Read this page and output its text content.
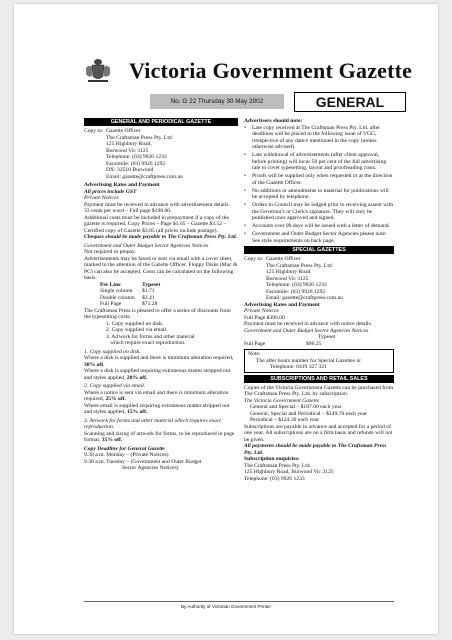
Victoria Government Gazette
No. G 22 Thursday 30 May 2002	GENERAL
GENERAL AND PERIODICAL GAZETTE
Copy to: Gazette Officer
The Craftsman Press Pty. Ltd.
125 Highbury Road,
Burwood Vic 3125
Telephone: (03) 9926 1233
Facsimile: (03) 9926 1292
DX: 32510 Burwood
Email: gazette@craftpress.com.au
Advertising Rates and Payment
All prices include GST
Private Notices
Payment must be received in advance with advertisement details.
33 cents per word – Full page $198.00.
Additional costs must be included in prepayment if a copy of the gazette is required. Copy Prices – Page $1.65 – Gazette $3.52 – Certified copy of Gazette $3.85 (all prices include postage).
Cheques should be made payable to The Craftsman Press Pty. Ltd.
Government and Outer Budget Sector Agencies Notices
Not required to prepay.
Advertisements may be faxed or sent via email with a cover sheet, marked to the attention of the Gazette Officer. Floppy Disks (Mac & PC) can also be accepted. Costs can be calculated on the following basis:
Per Line	Typeset
Single column	$1.71
Double column	$3.41
Full Page	$71.28
The Craftsman Press is pleased to offer a series of discounts from the typesetting costs:
1. Copy supplied on disk.
2. Copy supplied via email.
3. Artwork for forms and other material
which require exact reproduction.
1. Copy supplied on disk.
Where a disk is supplied and there is minimum alteration required, 30% off.
Where a disk is supplied requiring extraneous matter stripped out and styles applied, 20% off.
2. Copy supplied via email.
Where a notice is sent via email and there is minimum alteration required, 25% off.
Where email is supplied requiring extraneous matter stripped out and styles applied, 15% off.
3. Artwork for forms and other material which requires exact reproduction.
Scanning and sizing of artwork for forms, to be reproduced in page format, 35% off.
Copy Deadline for General Gazette
9.30 a.m. Monday – (Private Notices)
9.30 a.m. Tuesday – (Government and Outer Budget
Sector Agencies Notices)
Advertisers should note:
•	Late copy received at The Craftsman Press Pty. Ltd. after deadlines will be placed in the following issue of VGG, irrespective of any date/s mentioned in the copy (unless otherwise advised).
•	Late withdrawal of advertisements (after client approval, before printing) will incur 50 per cent of the full advertising rate to cover typesetting, layout and proofreading costs.
•	Proofs will be supplied only when requested or at the direction of the Gazette Officer.
•	No additions or amendments to material for publications will be accepted by telephone.
•	Orders in Council may be lodged prior to receiving assent with the Governor's or Clerk's signature. They will only be published once approved and signed.
•	Accounts over 90 days will be issued with a letter of demand.
•	Government and Outer Budget Sector Agencies please note: See style requirements on back page.
SPECIAL GAZETTES
Copy to: Gazette Officer
The Craftsman Press Pty. Ltd.
125 Highbury Road
Burwood Vic 3125
Telephone: (03) 9926 1233
Facsimile: (03) 9926 1292
Email: gazette@craftpress.com.au
Advertising Rates and Payment
Private Notices
Full Page $396.00
Payment must be received in advance with notice details.
Government and Outer Budget Sector Agencies Notices
Typeset
Full Page	$96.25
Note:
The after hours number for Special Gazettes is:
Telephone: 0419 327 321
SUBSCRIPTIONS AND RETAIL SALES
Copies of the Victoria Government Gazette can be purchased from The Craftsman Press Pty. Ltd. by subscription.
The Victoria Government Gazette
General and Special – $187.00 each year
General, Special and Periodical – $249.70 each year
Periodical – $124.30 each year
Subscriptions are payable in advance and accepted for a period of one year. All subscriptions are on a firm basis and refunds will not be given.
All payments should be made payable to The Craftsman Press Pty. Ltd.
Subscription enquiries:
The Craftsman Press Pty. Ltd.
125 Highbury Road, Burwood Vic 3125
Telephone: (03) 9926 1233
By Authority of Victorian Government Printer
